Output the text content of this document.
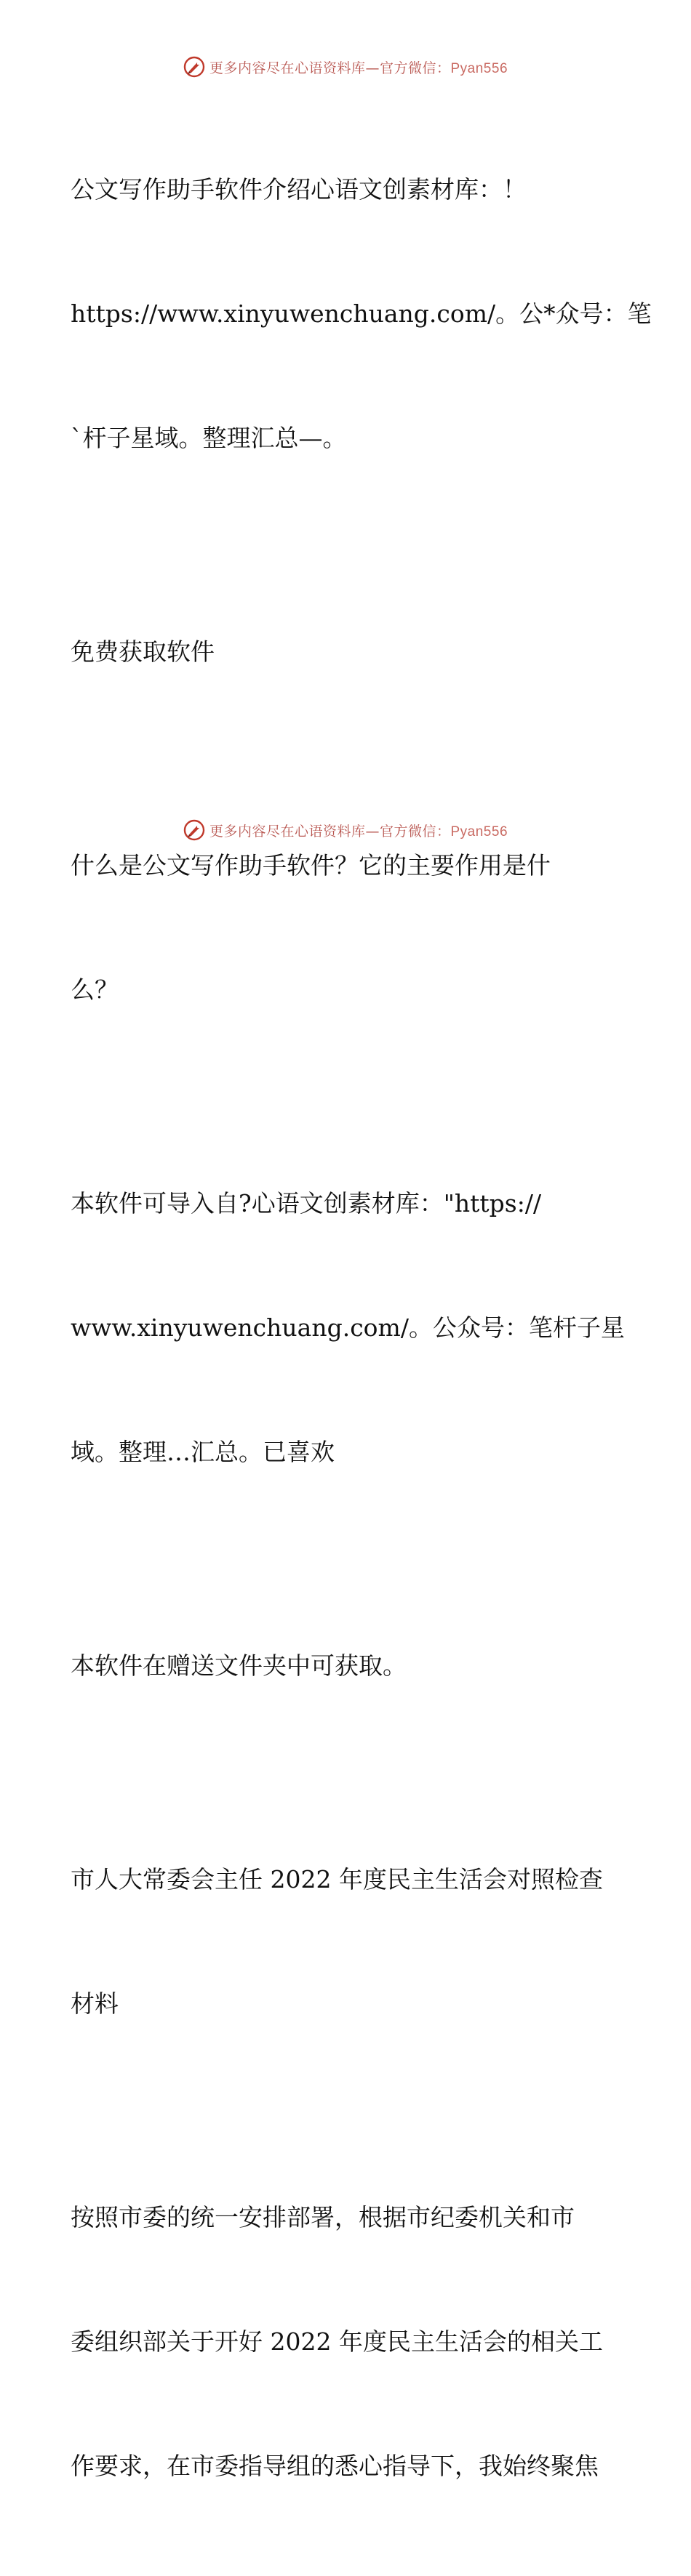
更多内容尽在心语资料库—官方微信：Pyan556

公文写作助手软件介绍心语文创素材库：！

https://www.xinyuwenchuang.com/。公*众号：笔

`杆子星域。整理汇总—。

免费获取软件

什么是公文写作助手软件？它的主要作用是什

么？

本软件可导入自?心语文创素材库："https://

www.xinyuwenchuang.com/。公众号：笔杆子星

域。整理…汇总。已喜欢

本软件在赠送文件夹中可获取。

市人大常委会主任 2022 年度民主生活会对照检查

材料

按照市委的统一安排部署，根据市纪委机关和市

委组织部关于开好 2022 年度民主生活会的相关工

作要求，在市委指导组的悉心指导下，我始终聚焦

更多内容尽在心语资料库—官方微信：Pyan556
